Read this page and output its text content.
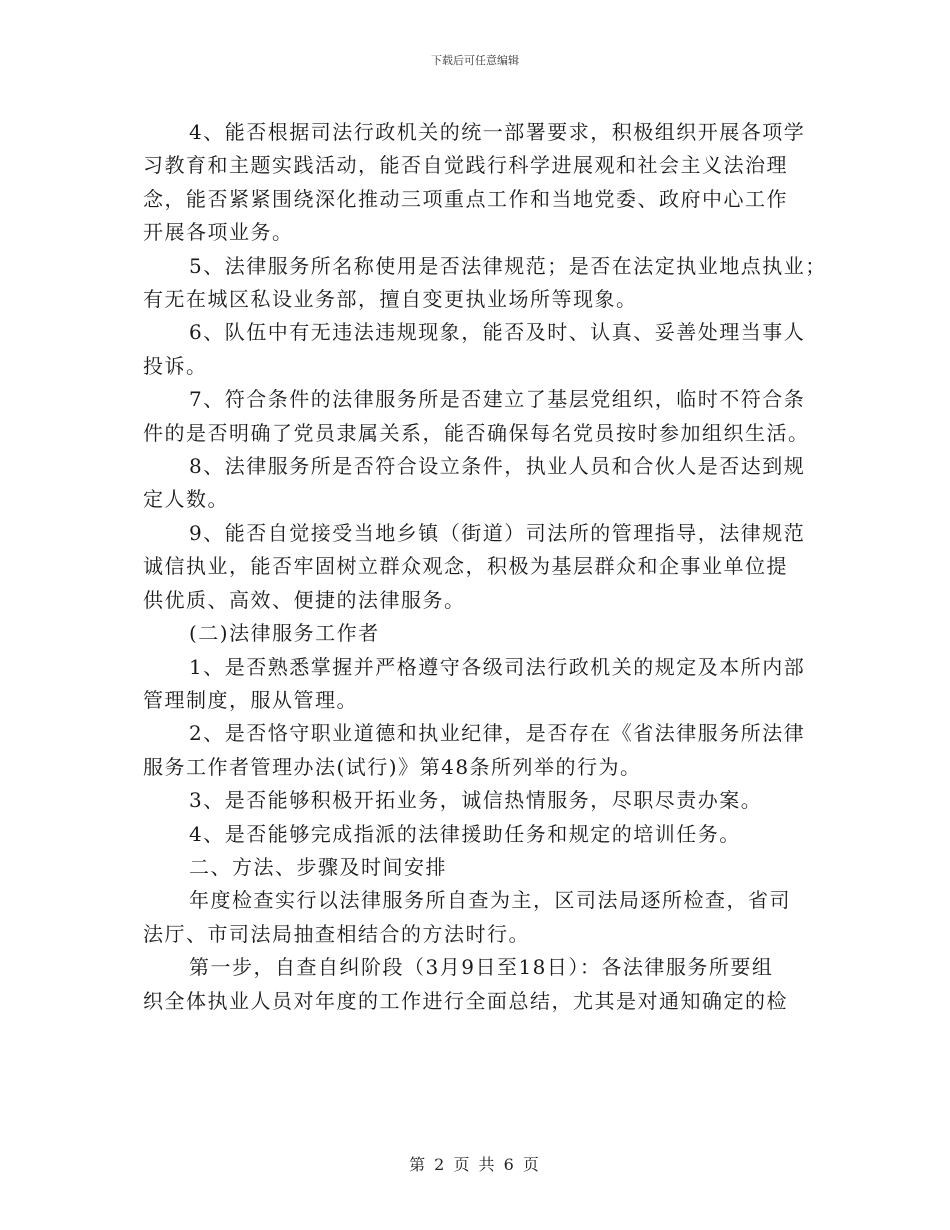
下载后可任意编辑
4、能否根据司法行政机关的统一部署要求，积极组织开展各项学
习教育和主题实践活动，能否自觉践行科学进展观和社会主义法治理
念，能否紧紧围绕深化推动三项重点工作和当地党委、政府中心工作
开展各项业务。
5、法律服务所名称使用是否法律规范；是否在法定执业地点执业；
有无在城区私设业务部，擅自变更执业场所等现象。
6、队伍中有无违法违规现象，能否及时、认真、妥善处理当事人
投诉。
7、符合条件的法律服务所是否建立了基层党组织，临时不符合条
件的是否明确了党员隶属关系，能否确保每名党员按时参加组织生活。
8、法律服务所是否符合设立条件，执业人员和合伙人是否达到规
定人数。
9、能否自觉接受当地乡镇（街道）司法所的管理指导，法律规范
诚信执业，能否牢固树立群众观念，积极为基层群众和企事业单位提
供优质、高效、便捷的法律服务。
(二)法律服务工作者
1、是否熟悉掌握并严格遵守各级司法行政机关的规定及本所内部
管理制度，服从管理。
2、是否恪守职业道德和执业纪律，是否存在《省法律服务所法律
服务工作者管理办法(试行)》第48条所列举的行为。
3、是否能够积极开拓业务，诚信热情服务，尽职尽责办案。
4、是否能够完成指派的法律援助任务和规定的培训任务。
二、方法、步骤及时间安排
年度检查实行以法律服务所自查为主，区司法局逐所检查，省司
法厅、市司法局抽查相结合的方法时行。
第一步，自查自纠阶段（3月9日至18日）：各法律服务所要组
织全体执业人员对年度的工作进行全面总结，尤其是对通知确定的检
第 2 页 共 6 页
